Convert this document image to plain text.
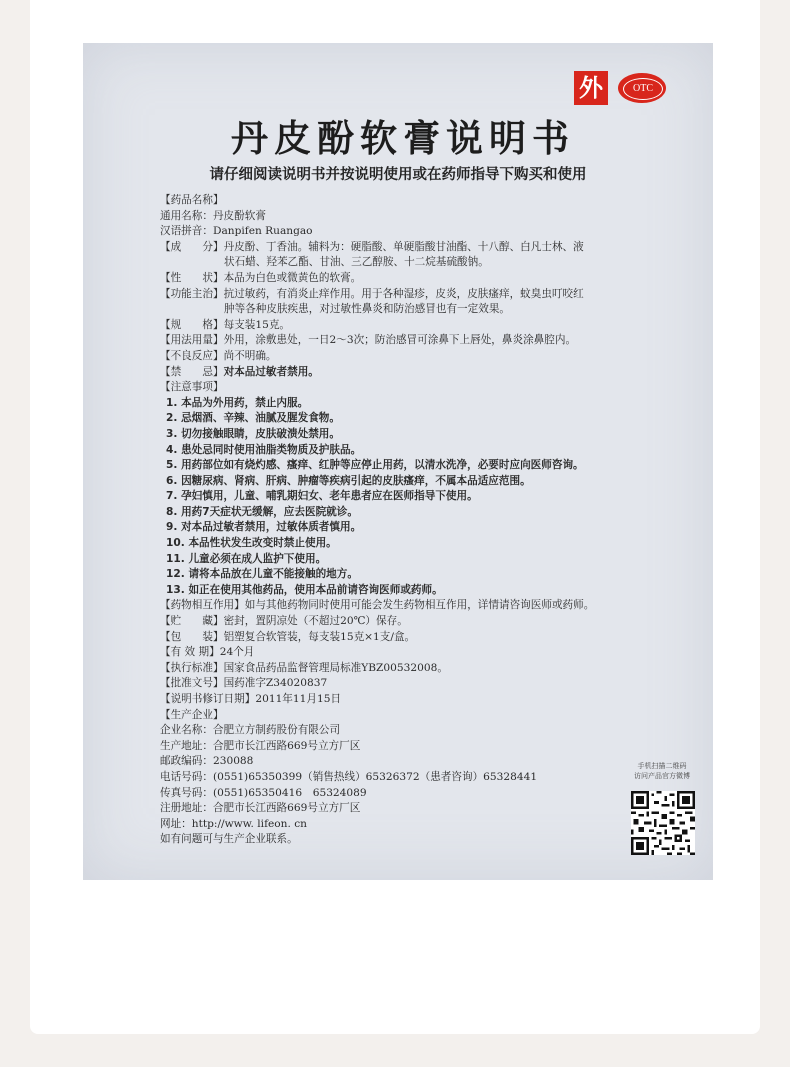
外	OTC
丹皮酚软膏说明书
请仔细阅读说明书并按说明使用或在药师指导下购买和使用
【药品名称】
通用名称：丹皮酚软膏
汉语拼音：Danpifen Ruangao
【成　　分】丹皮酚、丁香油。辅料为：硬脂酸、单硬脂酸甘油酯、十八醇、白凡士林、液
状石蜡、羟苯乙酯、甘油、三乙醇胺、十二烷基硫酸钠。
【性　　状】本品为白色或微黄色的软膏。
【功能主治】抗过敏药，有消炎止痒作用。用于各种湿疹，皮炎，皮肤瘙痒，蚊臭虫叮咬红
肿等各种皮肤疾患，对过敏性鼻炎和防治感冒也有一定效果。
【规　　格】每支装15克。
【用法用量】外用，涂敷患处，一日2～3次；防治感冒可涂鼻下上唇处，鼻炎涂鼻腔内。
【不良反应】尚不明确。
【禁　　忌】对本品过敏者禁用。
【注意事项】
1. 本品为外用药，禁止内服。
2. 忌烟酒、辛辣、油腻及腥发食物。
3. 切勿接触眼睛，皮肤破溃处禁用。
4. 患处忌同时使用油脂类物质及护肤品。
5. 用药部位如有烧灼感、瘙痒、红肿等应停止用药，以清水洗净，必要时应向医师咨询。
6. 因糖尿病、肾病、肝病、肿瘤等疾病引起的皮肤瘙痒，不属本品适应范围。
7. 孕妇慎用，儿童、哺乳期妇女、老年患者应在医师指导下使用。
8. 用药7天症状无缓解，应去医院就诊。
9. 对本品过敏者禁用，过敏体质者慎用。
10. 本品性状发生改变时禁止使用。
11. 儿童必须在成人监护下使用。
12. 请将本品放在儿童不能接触的地方。
13. 如正在使用其他药品，使用本品前请咨询医师或药师。
【药物相互作用】如与其他药物同时使用可能会发生药物相互作用，详情请咨询医师或药师。
【贮　　藏】密封，置阴凉处（不超过20℃）保存。
【包　　装】铝塑复合软管装，每支装15克×1支/盒。
【有 效 期】24个月
【执行标准】国家食品药品监督管理局标准YBZ00532008。
【批准文号】国药准字Z34020837
【说明书修订日期】2011年11月15日
【生产企业】
企业名称：合肥立方制药股份有限公司
生产地址：合肥市长江西路669号立方厂区
邮政编码：230088
电话号码：(0551)65350399（销售热线）65326372（患者咨询）65328441
传真号码：(0551)65350416　65324089
注册地址：合肥市长江西路669号立方厂区
网址：http://www. lifeon. cn
如有问题可与生产企业联系。
手机扫描二维码
访问产品官方微博
